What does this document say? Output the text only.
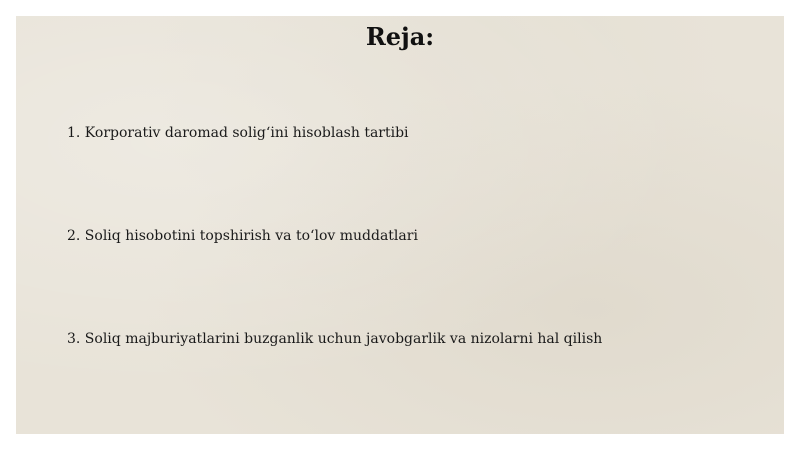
Reja:

1. Korporativ daromad solig‘ini hisoblash tartibi

2. Soliq hisobotini topshirish va to‘lov muddatlari

3. Soliq majburiyatlarini buzganlik uchun javobgarlik va nizolarni hal qilish
